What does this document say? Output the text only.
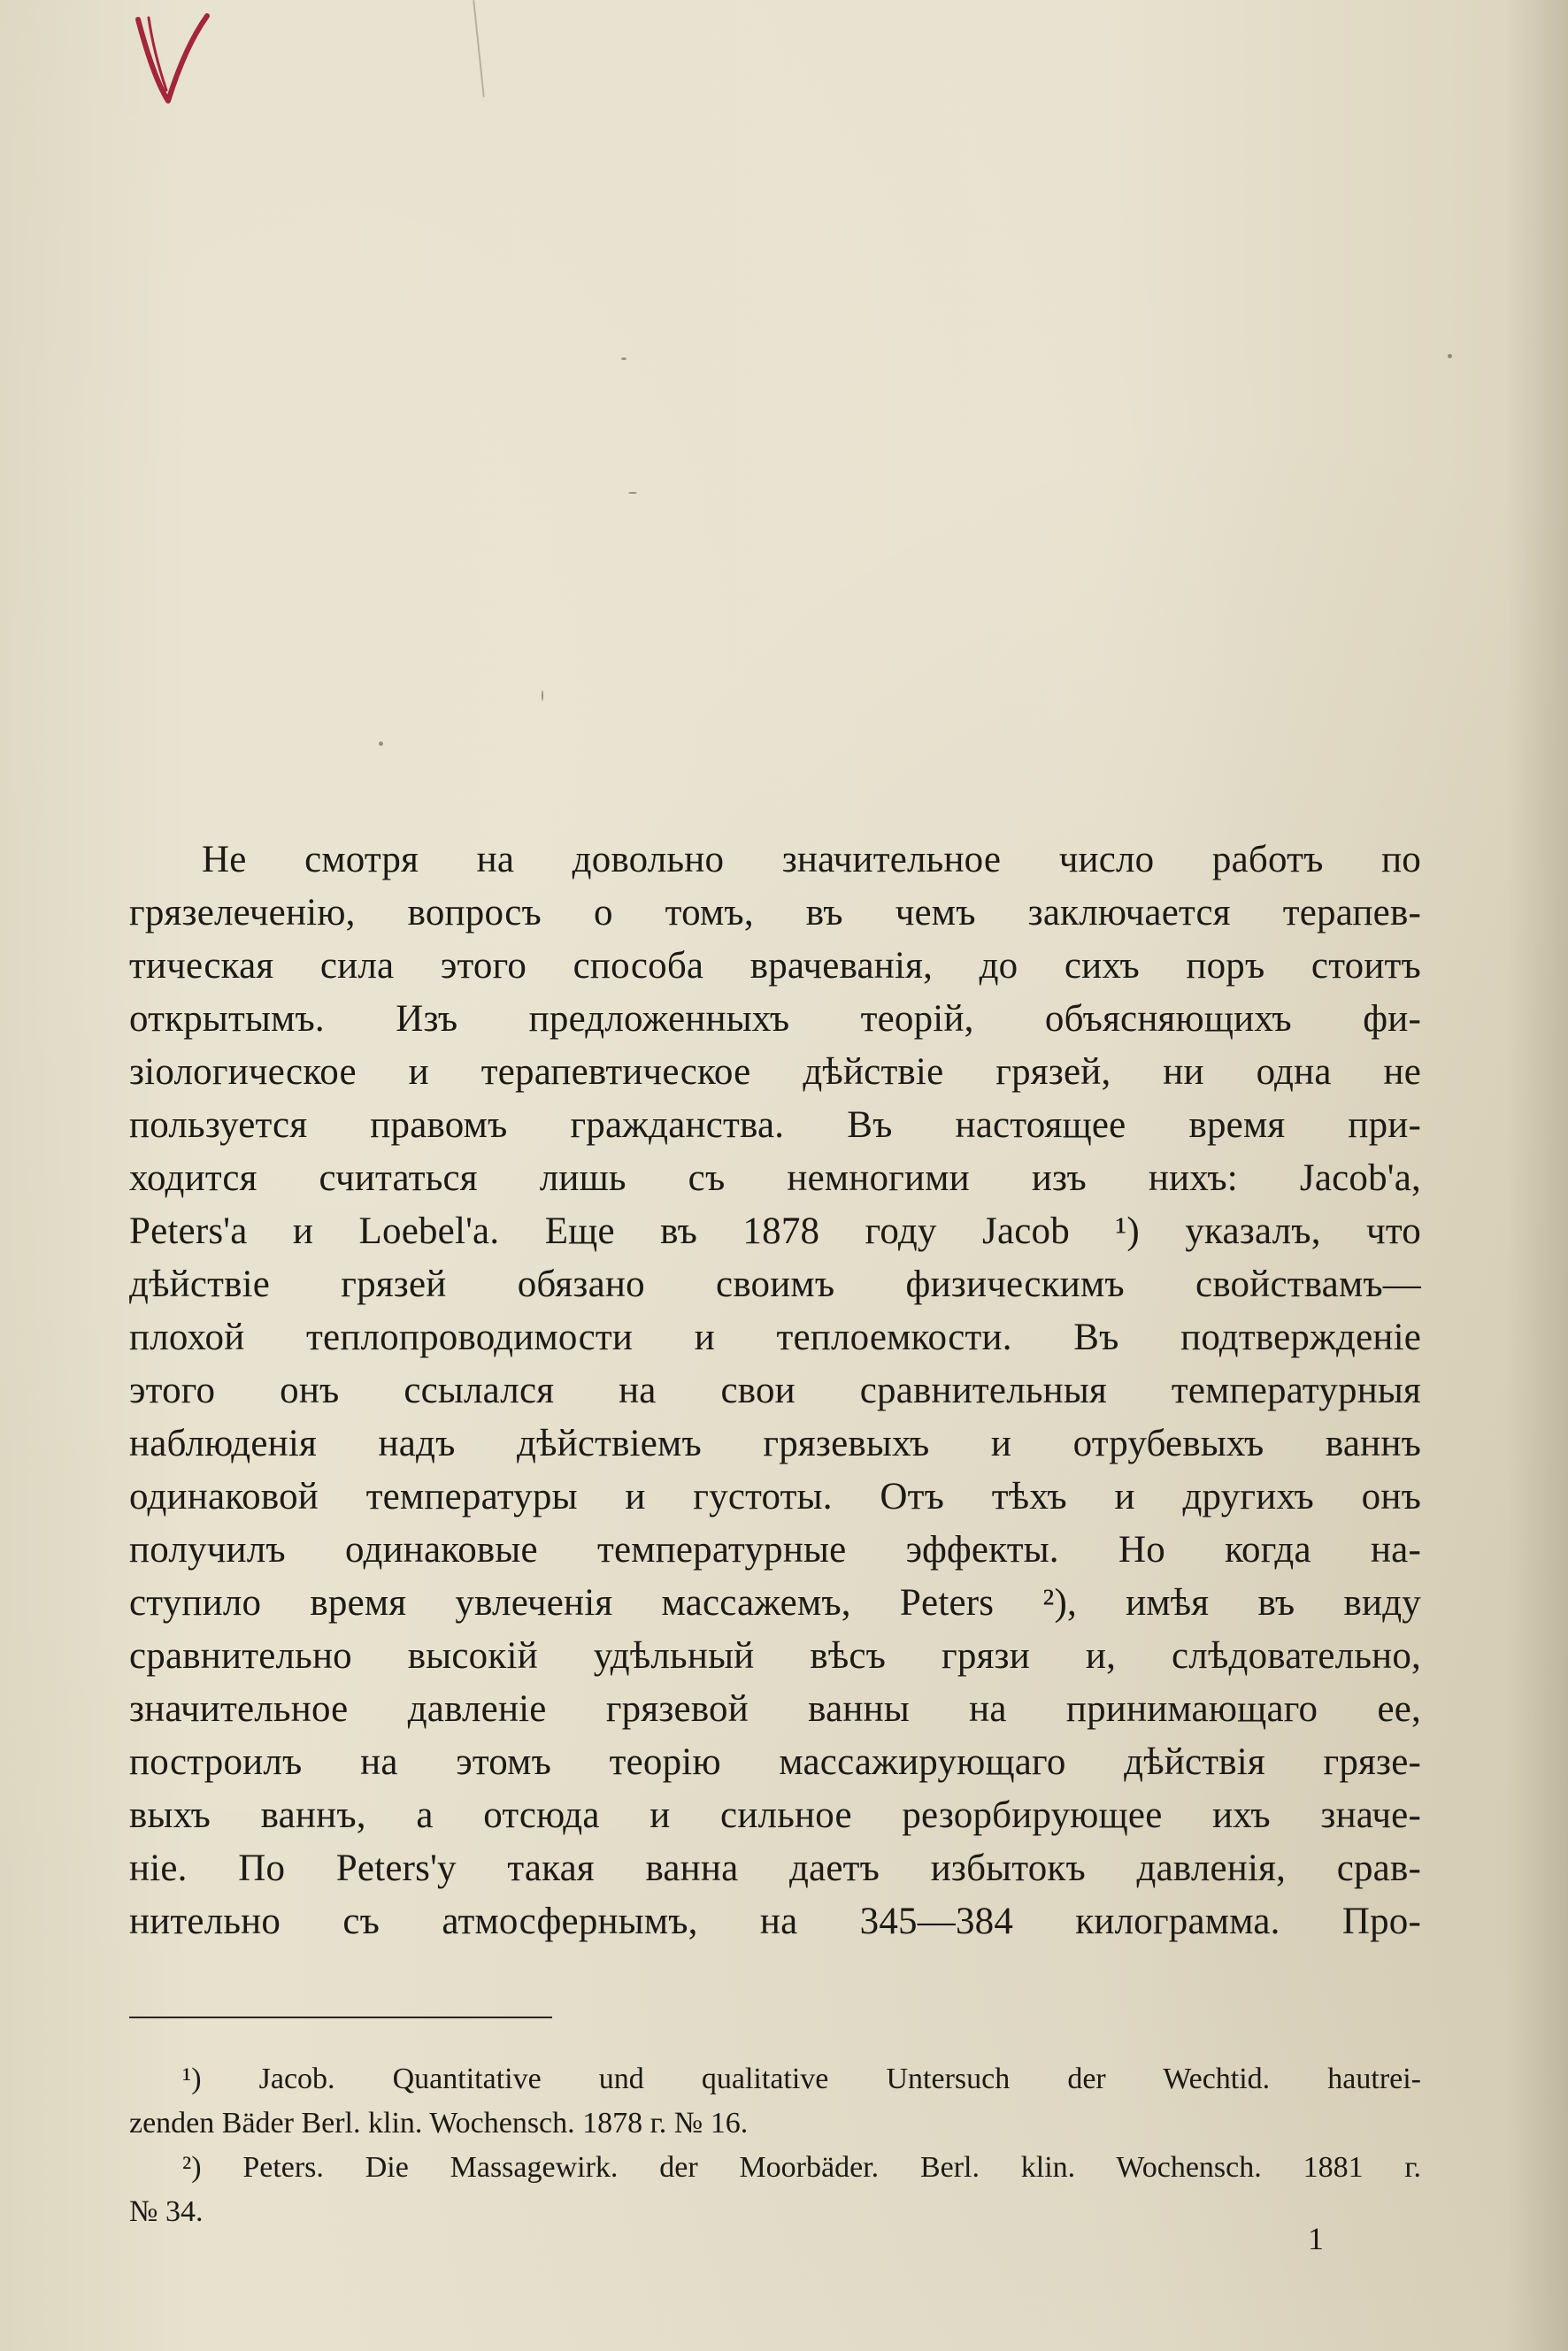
Не смотря на довольно значительное число работъ по
грязелеченію, вопросъ о томъ, въ чемъ заключается терапев-
тическая сила этого способа врачеванія, до сихъ поръ стоитъ
открытымъ. Изъ предложенныхъ теорій, объясняющихъ фи-
зіологическое и терапевтическое дѣйствіе грязей, ни одна не
пользуется правомъ гражданства. Въ настоящее время при-
ходится считаться лишь съ немногими изъ нихъ: Jacob'a,
Peters'a и Loebel'a. Еще въ 1878 году Jacob ¹) указалъ, что
дѣйствіе грязей обязано своимъ физическимъ свойствамъ—
плохой теплопроводимости и теплоемкости. Въ подтвержденіе
этого онъ ссылался на свои сравнительныя температурныя
наблюденія надъ дѣйствіемъ грязевыхъ и отрубевыхъ ваннъ
одинаковой температуры и густоты. Отъ тѣхъ и другихъ онъ
получилъ одинаковые температурные эффекты. Но когда на-
ступило время увлеченія массажемъ, Peters ²), имѣя въ виду
сравнительно высокій удѣльный вѣсъ грязи и, слѣдовательно,
значительное давленіе грязевой ванны на принимающаго ее,
построилъ на этомъ теорію массажирующаго дѣйствія грязе-
выхъ ваннъ, а отсюда и сильное резорбирующее ихъ значе-
ніе. По Peters'у такая ванна даетъ избытокъ давленія, срав-
нительно съ атмосфернымъ, на 345—384 килограмма. Про-
¹) Jacob. Quantitative und qualitative Untersuch der Wechtid. hautrei-
zenden Bäder Berl. klin. Wochensch. 1878 г. № 16.
²) Peters. Die Massagewirk. der Moorbäder. Berl. klin. Wochensch. 1881 г.
№ 34.
1
